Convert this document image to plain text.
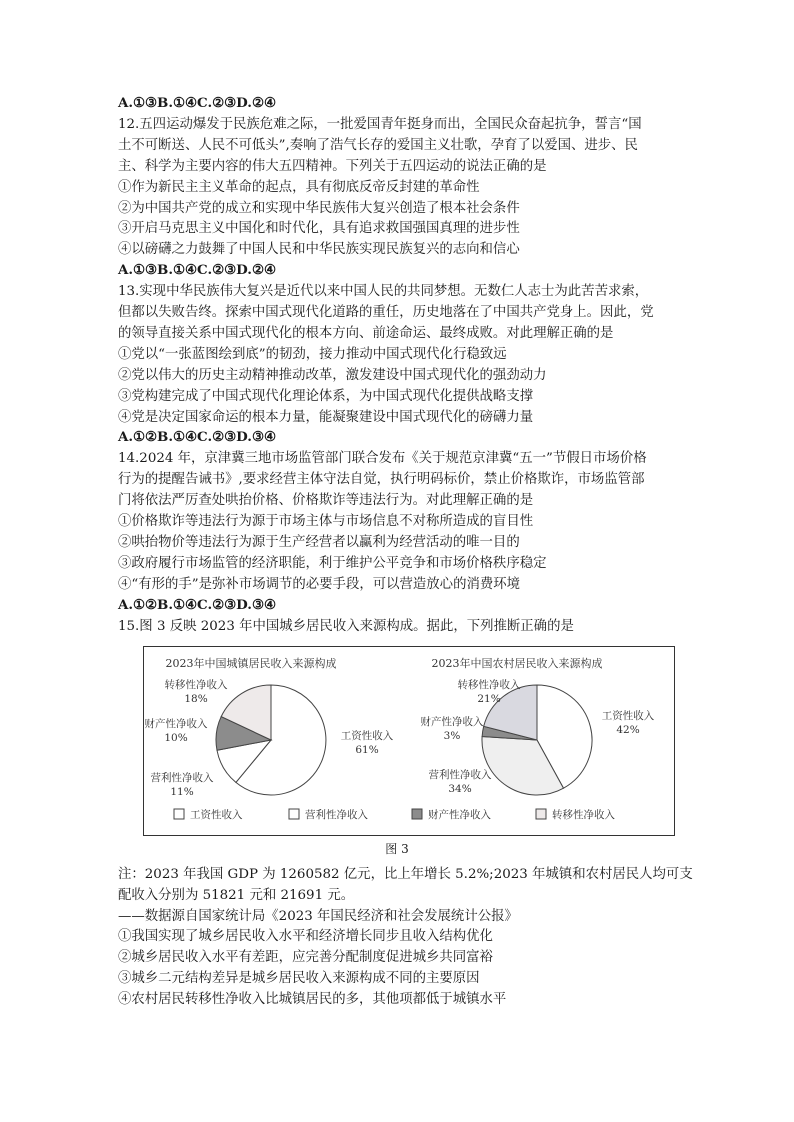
A.①③B.①④C.②③D.②④
12.五四运动爆发于民族危难之际，一批爱国青年挺身而出，全国民众奋起抗争，誓言“国
土不可断送、人民不可低头”,奏响了浩气长存的爱国主义壮歌，孕育了以爱国、进步、民
主、科学为主要内容的伟大五四精神。下列关于五四运动的说法正确的是
①作为新民主主义革命的起点，具有彻底反帝反封建的革命性
②为中国共产党的成立和实现中华民族伟大复兴创造了根本社会条件
③开启马克思主义中国化和时代化，具有追求救国强国真理的进步性
④以磅礴之力鼓舞了中国人民和中华民族实现民族复兴的志向和信心
A.①③B.①④C.②③D.②④
13.实现中华民族伟大复兴是近代以来中国人民的共同梦想。无数仁人志士为此苦苦求索，
但都以失败告终。探索中国式现代化道路的重任，历史地落在了中国共产党身上。因此，党
的领导直接关系中国式现代化的根本方向、前途命运、最终成败。对此理解正确的是
①党以“一张蓝图绘到底”的韧劲，接力推动中国式现代化行稳致远
②党以伟大的历史主动精神推动改革，激发建设中国式现代化的强劲动力
③党构建完成了中国式现代化理论体系，为中国式现代化提供战略支撑
④党是决定国家命运的根本力量，能凝聚建设中国式现代化的磅礴力量
A.①②B.①④C.②③D.③④
14.2024 年，京津冀三地市场监管部门联合发布《关于规范京津冀“五一”节假日市场价格
行为的提醒告诫书》,要求经营主体守法自觉，执行明码标价，禁止价格欺诈，市场监管部
门将依法严厉查处哄抬价格、价格欺诈等违法行为。对此理解正确的是
①价格欺诈等违法行为源于市场主体与市场信息不对称所造成的盲目性
②哄抬物价等违法行为源于生产经营者以赢利为经营活动的唯一目的
③政府履行市场监管的经济职能，利于维护公平竞争和市场价格秩序稳定
④“有形的手”是弥补市场调节的必要手段，可以营造放心的消费环境
A.①②B.①④C.②③D.③④
15.图 3 反映 2023 年中国城乡居民收入来源构成。据此，下列推断正确的是
2023年中国城镇居民收入来源构成
工资性收入
61%
营利性净收入
11%
财产性净收入
10%
转移性净收入
18%
2023年中国农村居民收入来源构成
工资性收入
42%
营利性净收入
34%
财产性净收入
3%
转移性净收入
21%
工资性收入	营利性净收入	财产性净收入	转移性净收入
图 3
注：2023 年我国 GDP 为 1260582 亿元，比上年增长 5.2%;2023 年城镇和农村居民人均可支
配收入分别为 51821 元和 21691 元。
——数据源自国家统计局《2023 年国民经济和社会发展统计公报》
①我国实现了城乡居民收入水平和经济增长同步且收入结构优化
②城乡居民收入水平有差距，应完善分配制度促进城乡共同富裕
③城乡二元结构差异是城乡居民收入来源构成不同的主要原因
④农村居民转移性净收入比城镇居民的多，其他项都低于城镇水平
